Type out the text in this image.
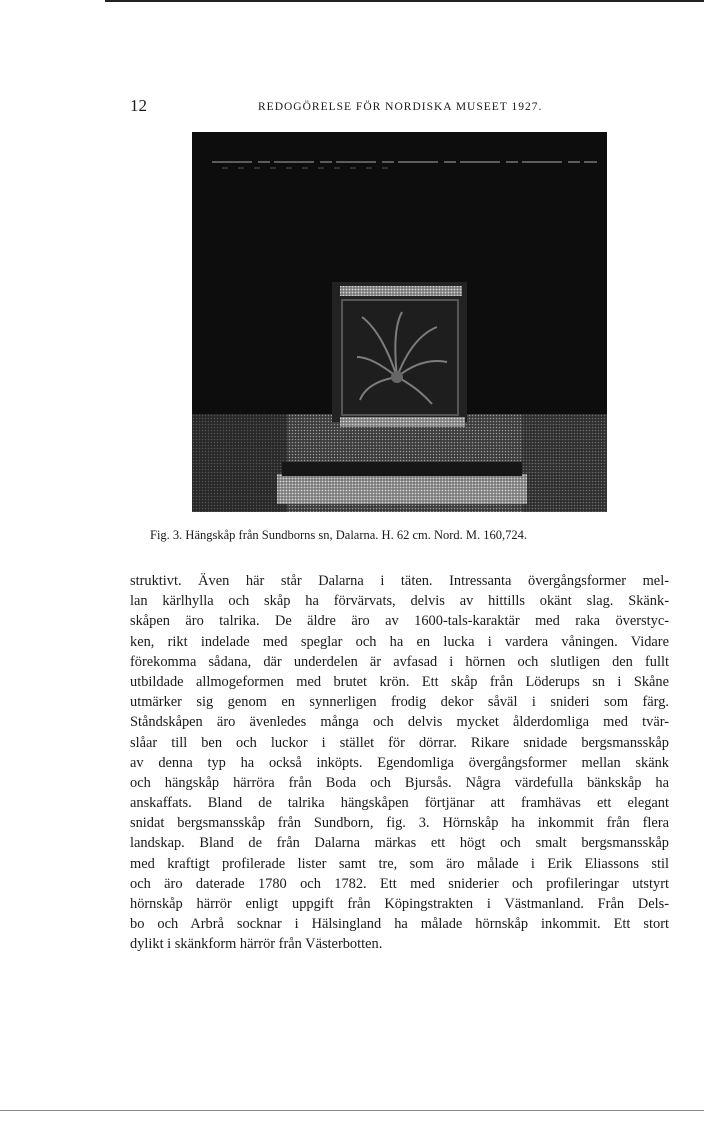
12	REDOGÖRELSE FÖR NORDISKA MUSEET 1927.
Fig. 3. Hängskåp från Sundborns sn, Dalarna. H. 62 cm. Nord. M. 160,724.
struktivt. Även här står Dalarna i täten. Intressanta övergångsformer mel-
lan kärlhylla och skåp ha förvärvats, delvis av hittills okänt slag. Skänk-
skåpen äro talrika. De äldre äro av 1600-tals-karaktär med raka överstyc-
ken, rikt indelade med speglar och ha en lucka i vardera våningen. Vidare
förekomma sådana, där underdelen är avfasad i hörnen och slutligen den fullt
utbildade allmogeformen med brutet krön. Ett skåp från Löderups sn i Skåne
utmärker sig genom en synnerligen frodig dekor såväl i snideri som färg.
Ståndskåpen äro ävenledes många och delvis mycket ålderdomliga med tvär-
slåar till ben och luckor i stället för dörrar. Rikare snidade bergsmansskåp
av denna typ ha också inköpts. Egendomliga övergångsformer mellan skänk
och hängskåp härröra från Boda och Bjursås. Några värdefulla bänkskåp ha
anskaffats. Bland de talrika hängskåpen förtjänar att framhävas ett elegant
snidat bergsmansskåp från Sundborn, fig. 3. Hörnskåp ha inkommit från flera
landskap. Bland de från Dalarna märkas ett högt och smalt bergsmansskåp
med kraftigt profilerade lister samt tre, som äro målade i Erik Eliassons stil
och äro daterade 1780 och 1782. Ett med sniderier och profileringar utstyrt
hörnskåp härrör enligt uppgift från Köpingstrakten i Västmanland. Från Dels-
bo och Arbrå socknar i Hälsingland ha målade hörnskåp inkommit. Ett stort
dylikt i skänkform härrör från Västerbotten.
